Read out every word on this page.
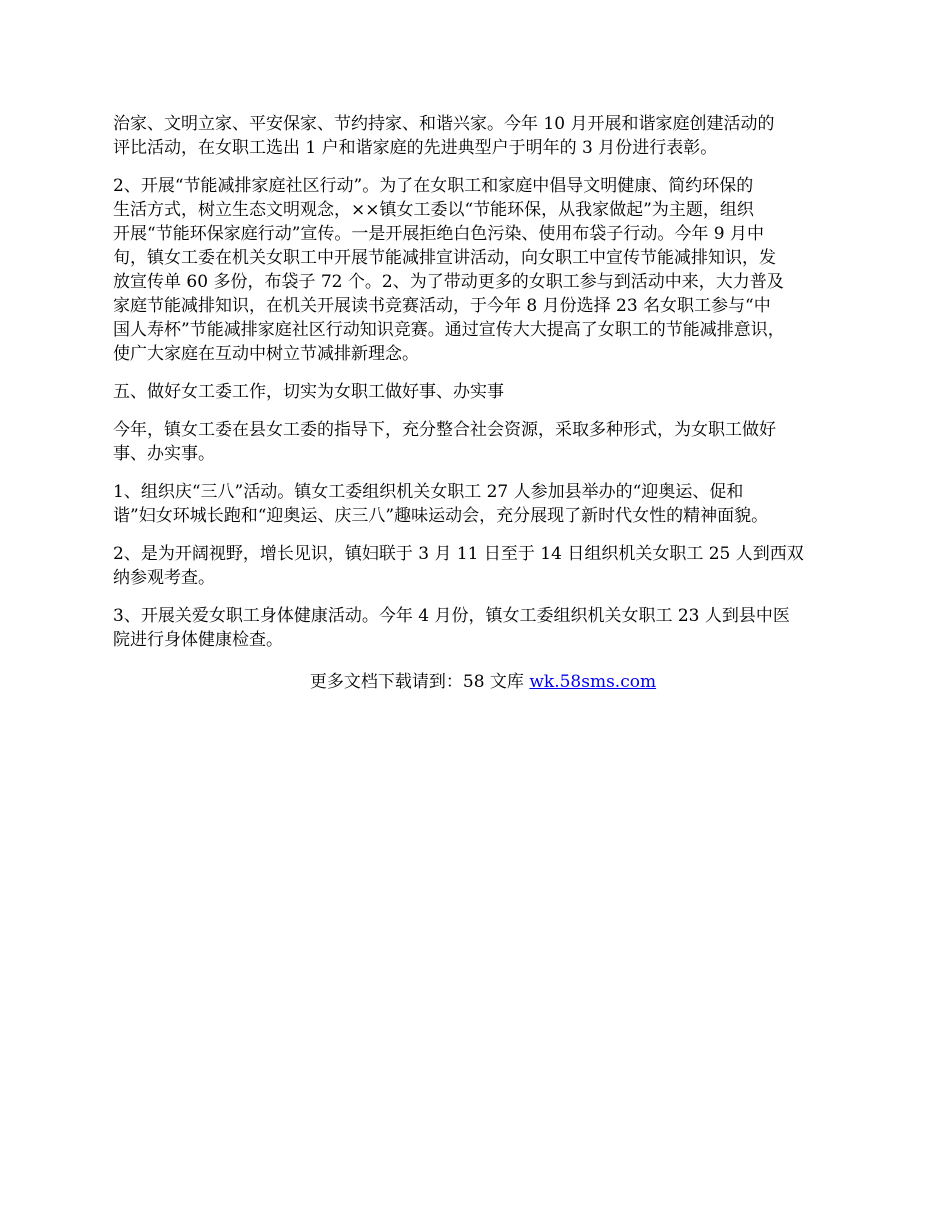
治家、文明立家、平安保家、节约持家、和谐兴家。今年 10 月开展和谐家庭创建活动的
评比活动，在女职工选出 1 户和谐家庭的先进典型户于明年的 3 月份进行表彰。

2、开展“节能减排家庭社区行动”。为了在女职工和家庭中倡导文明健康、简约环保的
生活方式，树立生态文明观念，××镇女工委以“节能环保，从我家做起”为主题，组织
开展“节能环保家庭行动”宣传。一是开展拒绝白色污染、使用布袋子行动。今年 9 月中
旬，镇女工委在机关女职工中开展节能减排宣讲活动，向女职工中宣传节能减排知识，发
放宣传单 60 多份，布袋子 72 个。2、为了带动更多的女职工参与到活动中来，大力普及
家庭节能减排知识，在机关开展读书竞赛活动，于今年 8 月份选择 23 名女职工参与“中
国人寿杯”节能减排家庭社区行动知识竞赛。通过宣传大大提高了女职工的节能减排意识，
使广大家庭在互动中树立节减排新理念。

五、做好女工委工作，切实为女职工做好事、办实事

今年，镇女工委在县女工委的指导下，充分整合社会资源，采取多种形式，为女职工做好
事、办实事。

1、组织庆“三八”活动。镇女工委组织机关女职工 27 人参加县举办的“迎奥运、促和
谐”妇女环城长跑和“迎奥运、庆三八”趣味运动会，充分展现了新时代女性的精神面貌。

2、是为开阔视野，增长见识，镇妇联于 3 月 11 日至于 14 日组织机关女职工 25 人到西双
纳参观考查。

3、开展关爱女职工身体健康活动。今年 4 月份，镇女工委组织机关女职工 23 人到县中医
院进行身体健康检查。

更多文档下载请到：58 文库 wk.58sms.com
